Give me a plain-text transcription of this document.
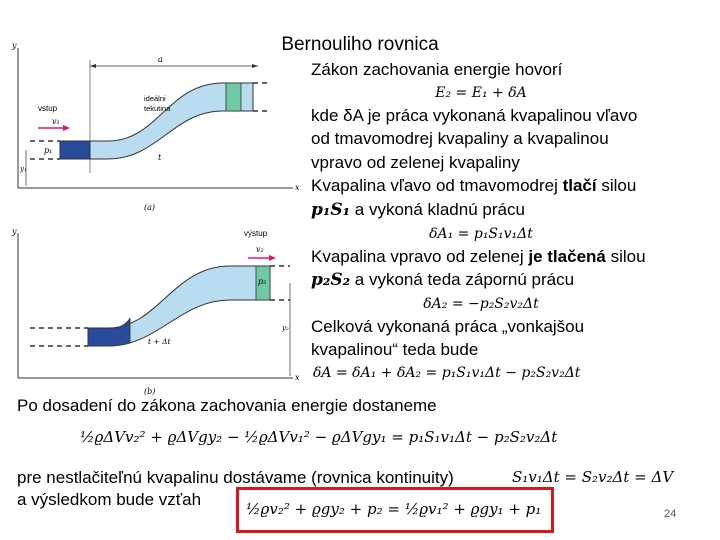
Bernouliho rovnica
y
x
a
vstup
v₁
p₁
y₁
ideálni
tekutina
t
(a)
y
x
výstup
v₂
p₂
y₂
t + Δt
(b)
Zákon zachovania energie hovorí
E₂ = E₁ + δA
kde δA je práca vykonaná kvapalinou vľavo
od tmavomodrej kvapaliny a kvapalinou
vpravo od zelenej kvapaliny
Kvapalina vľavo od tmavomodrej tlačí silou
p₁S₁ a vykoná kladnú prácu
δA₁ = p₁S₁v₁Δt
Kvapalina vpravo od zelenej je tlačená silou
p₂S₂ a vykoná teda zápornú prácu
δA₂ = −p₂S₂v₂Δt
Celková vykonaná práca „vonkajšou
kvapalinou“ teda bude
δA = δA₁ + δA₂ = p₁S₁v₁Δt − p₂S₂v₂Δt
Po dosadení do zákona zachovania energie dostaneme
½ϱΔVv₂² + ϱΔVgy₂ − ½ϱΔVv₁² − ϱΔVgy₁ = p₁S₁v₁Δt − p₂S₂v₂Δt
pre nestlačiteľnú kvapalinu dostávame (rovnica kontinuity)	S₁v₁Δt = S₂v₂Δt = ΔV
a výsledkom bude vzťah	½ϱv₂² + ϱgy₂ + p₂ = ½ϱv₁² + ϱgy₁ + p₁	24
